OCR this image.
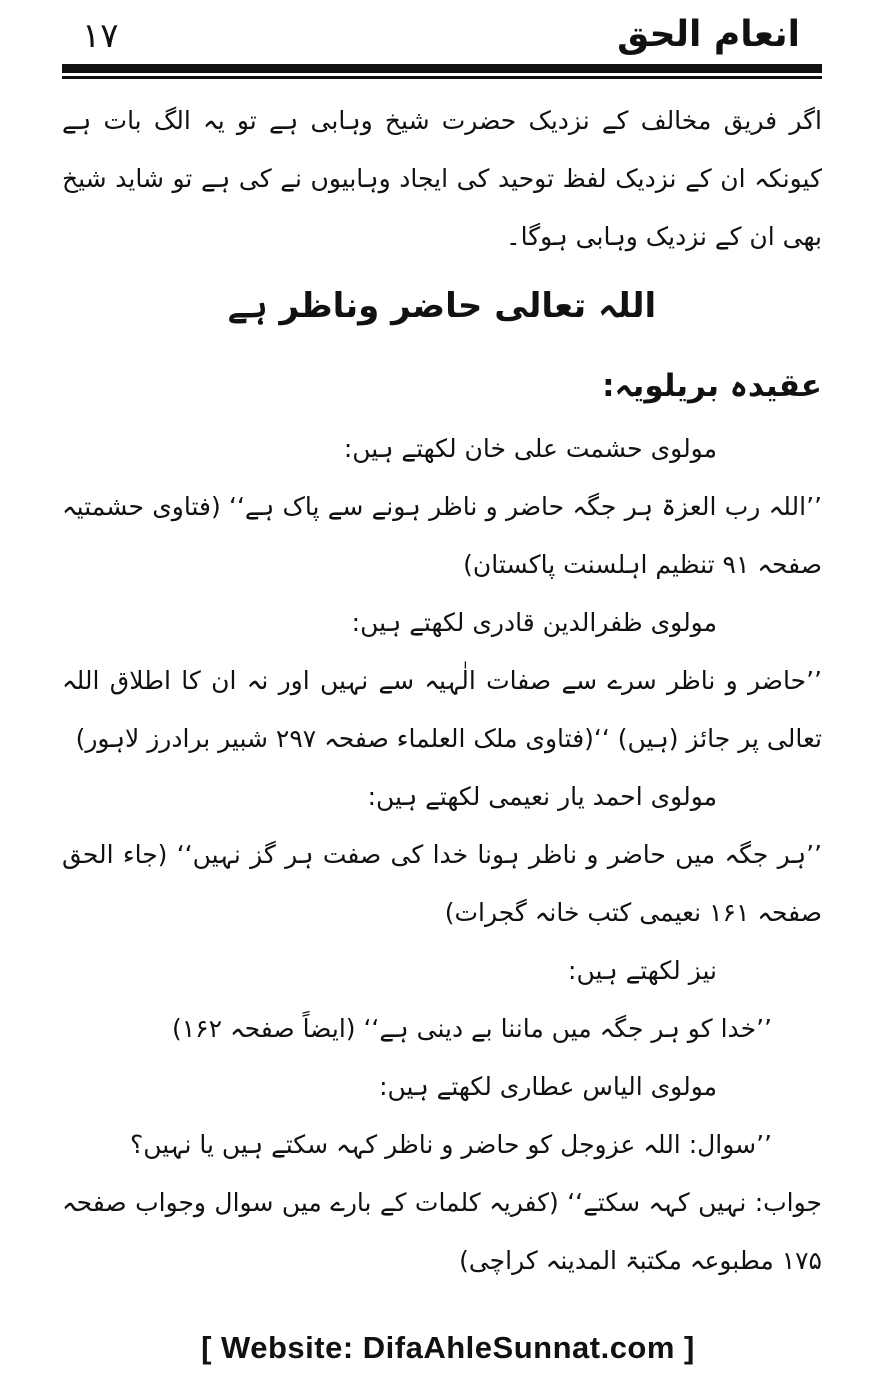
۱۷	انعام الحق

اگر فریق مخالف کے نزدیک حضرت شیخ وہابی ہے تو یہ الگ بات ہے کیونکہ ان کے نزدیک لفظ توحید کی ایجاد وہابیوں نے کی ہے تو شاید شیخ بھی ان کے نزدیک وہابی ہوگا۔

اللہ تعالی حاضر وناظر ہے
عقیدہ بریلویہ:

مولوی حشمت علی خان لکھتے ہیں:

’’اللہ رب العزۃ ہر جگہ حاضر و ناظر ہونے سے پاک ہے‘‘ (فتاوی حشمتیہ صفحہ ۹۱ تنظیم اہلسنت پاکستان)

مولوی ظفرالدین قادری لکھتے ہیں:

’’حاضر و ناظر سرے سے صفات الٰہیہ سے نہیں اور نہ ان کا اطلاق اللہ تعالی پر جائز (ہیں) ‘‘(فتاوی ملک العلماء صفحہ ۲۹۷ شبیر برادرز لاہور)

مولوی احمد یار نعیمی لکھتے ہیں:

’’ہر جگہ میں حاضر و ناظر ہونا خدا کی صفت ہر گز نہیں‘‘ (جاء الحق صفحہ ۱۶۱ نعیمی کتب خانہ گجرات)

نیز لکھتے ہیں:

’’خدا کو ہر جگہ میں ماننا بے دینی ہے‘‘ (ایضاً صفحہ ۱۶۲)

مولوی الیاس عطاری لکھتے ہیں:

’’سوال: اللہ عزوجل کو حاضر و ناظر کہہ سکتے ہیں یا نہیں؟

جواب: نہیں کہہ سکتے‘‘ (کفریہ کلمات کے بارے میں سوال وجواب صفحہ ۱۷۵ مطبوعہ مکتبۃ المدینہ کراچی)

[ Website: DifaAhleSunnat.com ]
